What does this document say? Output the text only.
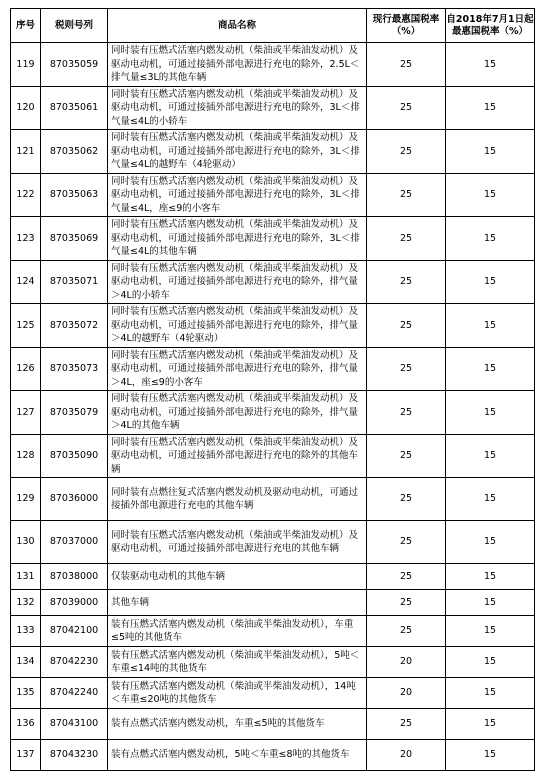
序号	税则号列	商品名称	现行最惠国税率（%）	自2018年7月1日起最惠国税率（%）
119	87035059	同时装有压燃式活塞内燃发动机（柴油或半柴油发动机）及驱动电动机，可通过接插外部电源进行充电的除外，2.5L＜排气量≤3L的其他车辆	25	15
120	87035061	同时装有压燃式活塞内燃发动机（柴油或半柴油发动机）及驱动电动机，可通过接插外部电源进行充电的除外，3L＜排气量≤4L的小轿车	25	15
121	87035062	同时装有压燃式活塞内燃发动机（柴油或半柴油发动机）及驱动电动机，可通过接插外部电源进行充电的除外，3L＜排气量≤4L的越野车（4轮驱动）	25	15
122	87035063	同时装有压燃式活塞内燃发动机（柴油或半柴油发动机）及驱动电动机，可通过接插外部电源进行充电的除外，3L＜排气量≤4L，座≤9的小客车	25	15
123	87035069	同时装有压燃式活塞内燃发动机（柴油或半柴油发动机）及驱动电动机，可通过接插外部电源进行充电的除外，3L＜排气量≤4L的其他车辆	25	15
124	87035071	同时装有压燃式活塞内燃发动机（柴油或半柴油发动机）及驱动电动机，可通过接插外部电源进行充电的除外，排气量＞4L的小轿车	25	15
125	87035072	同时装有压燃式活塞内燃发动机（柴油或半柴油发动机）及驱动电动机，可通过接插外部电源进行充电的除外，排气量＞4L的越野车（4轮驱动）	25	15
126	87035073	同时装有压燃式活塞内燃发动机（柴油或半柴油发动机）及驱动电动机，可通过接插外部电源进行充电的除外，排气量＞4L，座≤9的小客车	25	15
127	87035079	同时装有压燃式活塞内燃发动机（柴油或半柴油发动机）及驱动电动机，可通过接插外部电源进行充电的除外，排气量＞4L的其他车辆	25	15
128	87035090	同时装有压燃式活塞内燃发动机（柴油或半柴油发动机）及驱动电动机，可通过接插外部电源进行充电的除外的其他车辆	25	15
129	87036000	同时装有点燃往复式活塞内燃发动机及驱动电动机，可通过接插外部电源进行充电的其他车辆	25	15
130	87037000	同时装有压燃式活塞内燃发动机（柴油或半柴油发动机）及驱动电动机，可通过接插外部电源进行充电的其他车辆	25	15
131	87038000	仅装驱动电动机的其他车辆	25	15
132	87039000	其他车辆	25	15
133	87042100	装有压燃式活塞内燃发动机（柴油或半柴油发动机），车重≤5吨的其他货车	25	15
134	87042230	装有压燃式活塞内燃发动机（柴油或半柴油发动机），5吨＜车重≤14吨的其他货车	20	15
135	87042240	装有压燃式活塞内燃发动机（柴油或半柴油发动机），14吨＜车重≤20吨的其他货车	20	15
136	87043100	装有点燃式活塞内燃发动机，车重≤5吨的其他货车	25	15
137	87043230	装有点燃式活塞内燃发动机，5吨＜车重≤8吨的其他货车	20	15
